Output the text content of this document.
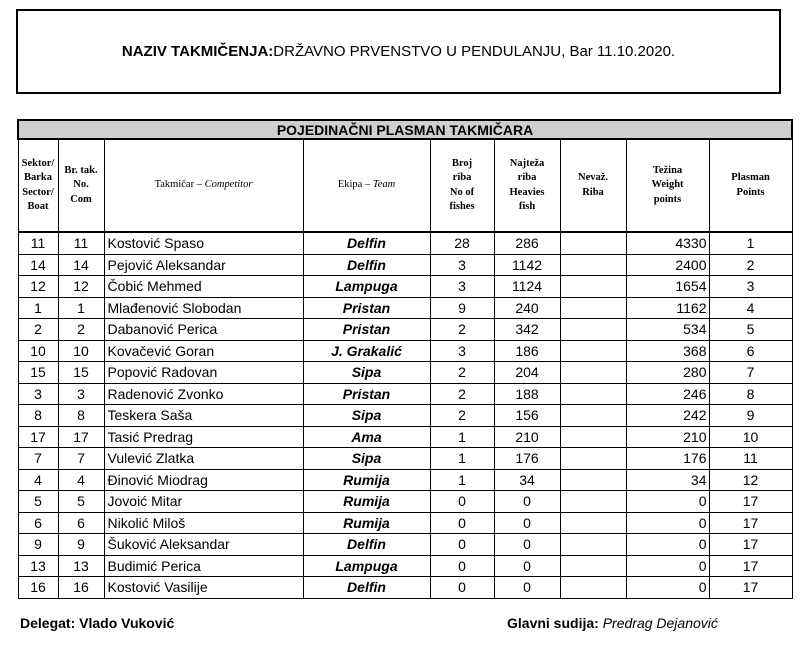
NAZIV TAKMIČENJA: DRŽAVNO PRVENSTVO U PENDULANJU, Bar 11.10.2020.
POJEDINAČNI PLASMAN TAKMIČARA								
Sektor/
Barka
Sector/
Boat	Br. tak.
No.
Com	Takmičar – Competitor	Ekipa – Team	Broj
riba
No of
fishes	Najteža
riba
Heavies
fish	Nevaž.
Riba	Težina
Weight
points	Plasman
Points
11	11	Kostović Spaso	Delfin	28	286		4330	1
14	14	Pejović Aleksandar	Delfin	3	1142		2400	2
12	12	Čobić Mehmed	Lampuga	3	1124		1654	3
1	1	Mlađenović Slobodan	Pristan	9	240		1162	4
2	2	Dabanović Perica	Pristan	2	342		534	5
10	10	Kovačević Goran	J. Grakalić	3	186		368	6
15	15	Popović Radovan	Sipa	2	204		280	7
3	3	Radenović Zvonko	Pristan	2	188		246	8
8	8	Teskera Saša	Sipa	2	156		242	9
17	17	Tasić Predrag	Ama	1	210		210	10
7	7	Vulević Zlatka	Sipa	1	176		176	11
4	4	Đinović Miodrag	Rumija	1	34		34	12
5	5	Jovoić Mitar	Rumija	0	0		0	17
6	6	Nikolić Miloš	Rumija	0	0		0	17
9	9	Šuković Aleksandar	Delfin	0	0		0	17
13	13	Budimić Perica	Lampuga	0	0		0	17
16	16	Kostović Vasilije	Delfin	0	0		0	17
Delegat: Vlado Vuković	Glavni sudija: Predrag Dejanović
